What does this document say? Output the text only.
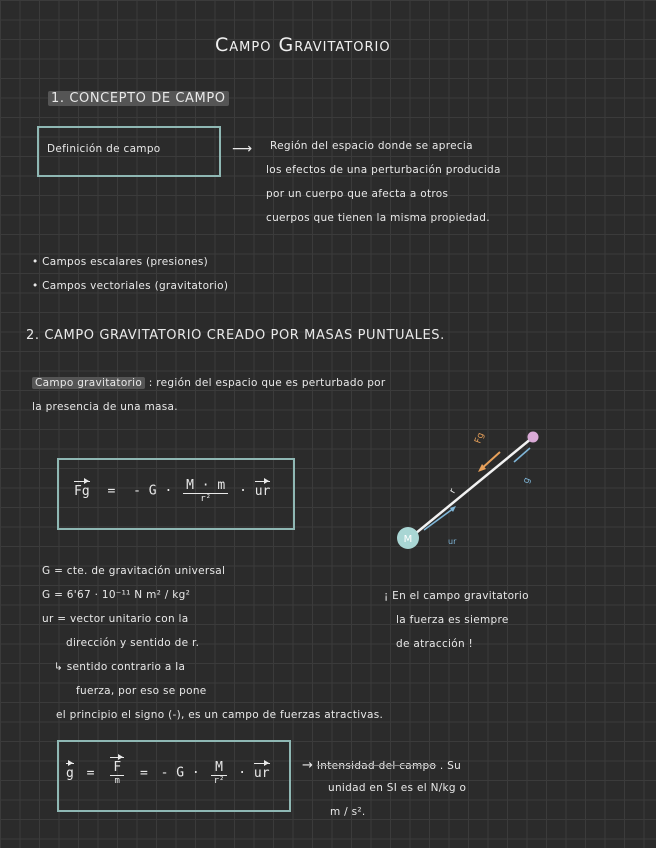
Campo Gravitatorio
1. CONCEPTO DE CAMPO
Definición de campo	⟶ Región del espacio donde se aprecia
los efectos de una perturbación producida
por un cuerpo que afecta a otros
cuerpos que tienen la misma propiedad.
• Campos escalares (presiones)
• Campos vectoriales (gravitatorio)
2. CAMPO GRAVITATORIO CREADO POR MASAS PUNTUALES.
Campo gravitatorio : región del espacio que es perturbado por
la presencia de una masa.
Fg = - $G \cdot \frac{M \cdot m}{\text{r²}}$ · ur
M
Fg
g
r
ur
G = cte. de gravitación universal
G = 6'67 · 10⁻¹¹ N m² / kg²
ur = vector unitario con la
dirección y sentido de r.
↳ sentido contrario a la
fuerza, por eso se pone
el principio el signo (-), es un campo de fuerzas atractivas.
¡ En el campo gravitatorio
la fuerza es siempre
de atracción !
$g = \frac{F}{m}$ = - $G \cdot \frac{M}{\text{r²}}$ · ur → Intensidad del campo . Su
unidad en SI es el N/kg o
m / s².
